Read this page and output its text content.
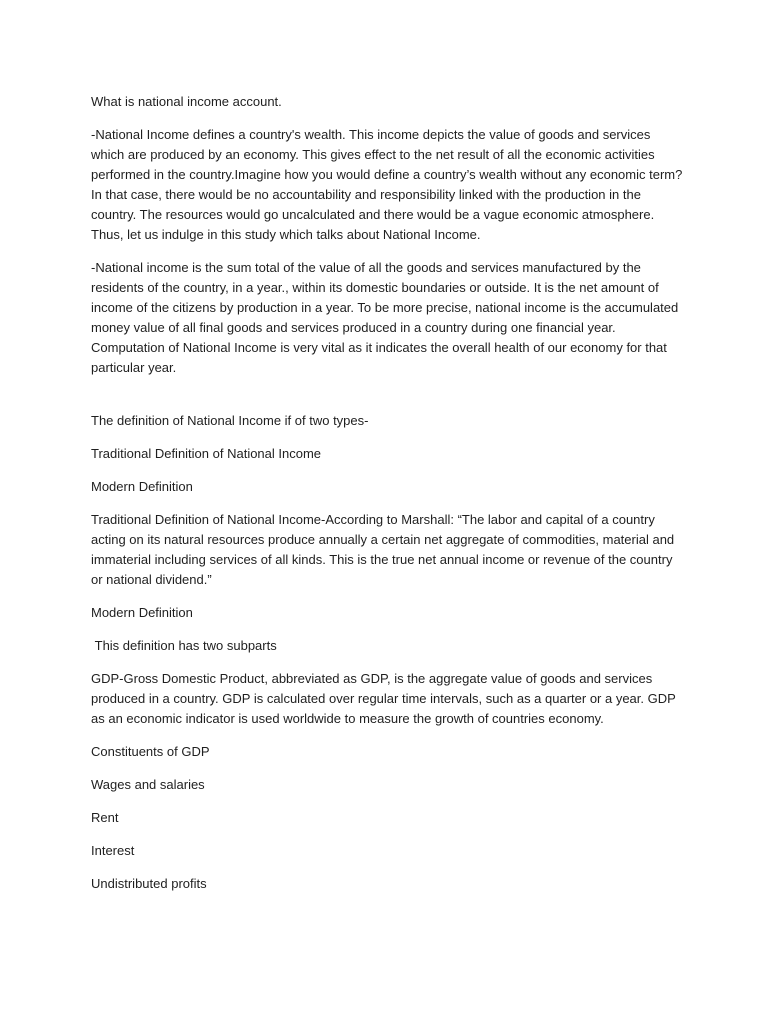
What is national income account.

-National Income defines a country's wealth. This income depicts the value of goods and services which are produced by an economy. This gives effect to the net result of all the economic activities performed in the country.Imagine how you would define a country’s wealth without any economic term? In that case, there would be no accountability and responsibility linked with the production in the country. The resources would go uncalculated and there would be a vague economic atmosphere. Thus, let us indulge in this study which talks about National Income.

-National income is the sum total of the value of all the goods and services manufactured by the residents of the country, in a year., within its domestic boundaries or outside. It is the net amount of income of the citizens by production in a year. To be more precise, national income is the accumulated money value of all final goods and services produced in a country during one financial year. Computation of National Income is very vital as it indicates the overall health of our economy for that particular year.

The definition of National Income if of two types-

Traditional Definition of National Income

Modern Definition

Traditional Definition of National Income-According to Marshall: “The labor and capital of a country acting on its natural resources produce annually a certain net aggregate of commodities, material and immaterial including services of all kinds. This is the true net annual income or revenue of the country or national dividend.”

Modern Definition

This definition has two subparts

GDP-Gross Domestic Product, abbreviated as GDP, is the aggregate value of goods and services produced in a country. GDP is calculated over regular time intervals, such as a quarter or a year. GDP as an economic indicator is used worldwide to measure the growth of countries economy.

Constituents of GDP

Wages and salaries

Rent

Interest

Undistributed profits
